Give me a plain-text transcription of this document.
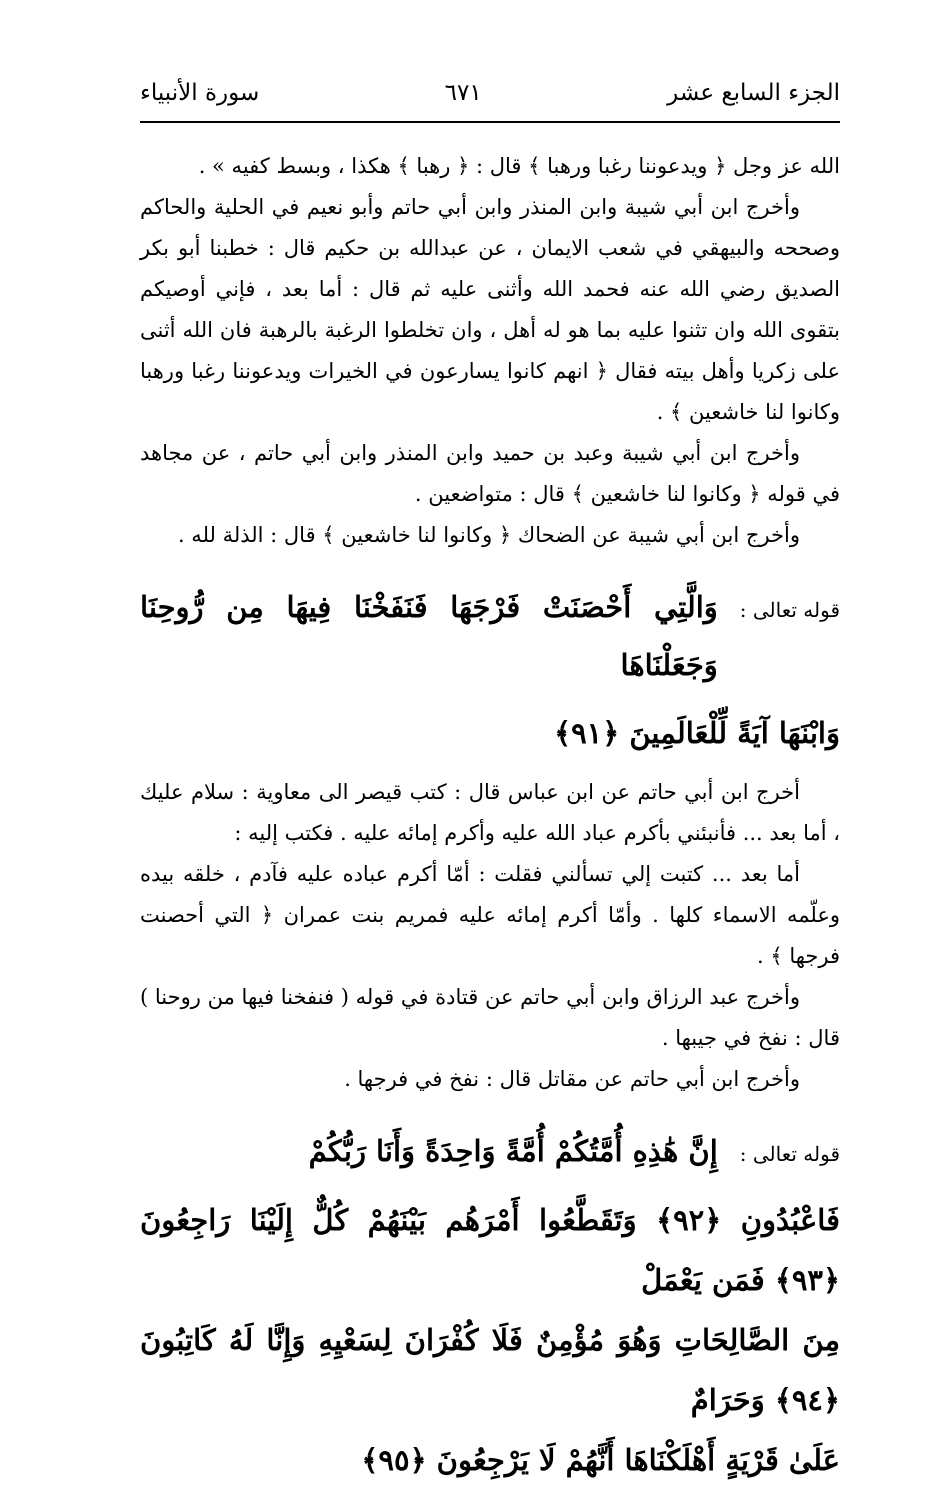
الجزء السابع عشر
٦٧١
سورة الأنبياء

الله عز وجل ﴿ ويدعوننا رغبا ورهبا ﴾ قال : ﴿ رهبا ﴾ هكذا ، وبسط كفيه » .

وأخرج ابن أبي شيبة وابن المنذر وابن أبي حاتم وأبو نعيم في الحلية والحاكم وصححه والبيهقي في شعب الايمان ، عن عبدالله بن حكيم قال : خطبنا أبو بكر الصديق رضي الله عنه فحمد الله وأثنى عليه ثم قال : أما بعد ، فإني أوصيكم بتقوى الله وان تثنوا عليه بما هو له أهل ، وان تخلطوا الرغبة بالرهبة فان الله أثنى على زكريا وأهل بيته فقال ﴿ انهم كانوا يسارعون في الخيرات ويدعوننا رغبا ورهبا وكانوا لنا خاشعين ﴾ .

وأخرج ابن أبي شيبة وعبد بن حميد وابن المنذر وابن أبي حاتم ، عن مجاهد في قوله ﴿ وكانوا لنا خاشعين ﴾ قال : متواضعين .

وأخرج ابن أبي شيبة عن الضحاك ﴿ وكانوا لنا خاشعين ﴾ قال : الذلة لله .

قوله تعالى :
وَالَّتِي أَحْصَنَتْ فَرْجَهَا فَنَفَخْنَا فِيهَا مِن رُّوحِنَا وَجَعَلْنَاهَا

وَابْنَهَا آيَةً لِّلْعَالَمِينَ ﴿٩١﴾

أخرج ابن أبي حاتم عن ابن عباس قال : كتب قيصر الى معاوية : سلام عليك ، أما بعد ... فأنبئني بأكرم عباد الله عليه وأكرم إمائه عليه . فكتب إليه :

أما بعد ... كتبت إلي تسألني فقلت : أمّا أكرم عباده عليه فآدم ، خلقه بيده وعلّمه الاسماء كلها . وأمّا أكرم إمائه عليه فمريم بنت عمران ﴿ التي أحصنت فرجها ﴾ .

وأخرج عبد الرزاق وابن أبي حاتم عن قتادة في قوله ( فنفخنا فيها من روحنا ) قال : نفخ في جيبها .

وأخرج ابن أبي حاتم عن مقاتل قال : نفخ في فرجها .

قوله تعالى :
إِنَّ هَٰذِهِ أُمَّتُكُمْ أُمَّةً وَاحِدَةً وَأَنَا رَبُّكُمْ

فَاعْبُدُونِ ﴿٩٢﴾ وَتَقَطَّعُوا أَمْرَهُم بَيْنَهُمْ كُلٌّ إِلَيْنَا رَاجِعُونَ ﴿٩٣﴾ فَمَن يَعْمَلْ

مِنَ الصَّالِحَاتِ وَهُوَ مُؤْمِنٌ فَلَا كُفْرَانَ لِسَعْيِهِ وَإِنَّا لَهُ كَاتِبُونَ ﴿٩٤﴾ وَحَرَامٌ

عَلَىٰ قَرْيَةٍ أَهْلَكْنَاهَا أَنَّهُمْ لَا يَرْجِعُونَ ﴿٩٥﴾
